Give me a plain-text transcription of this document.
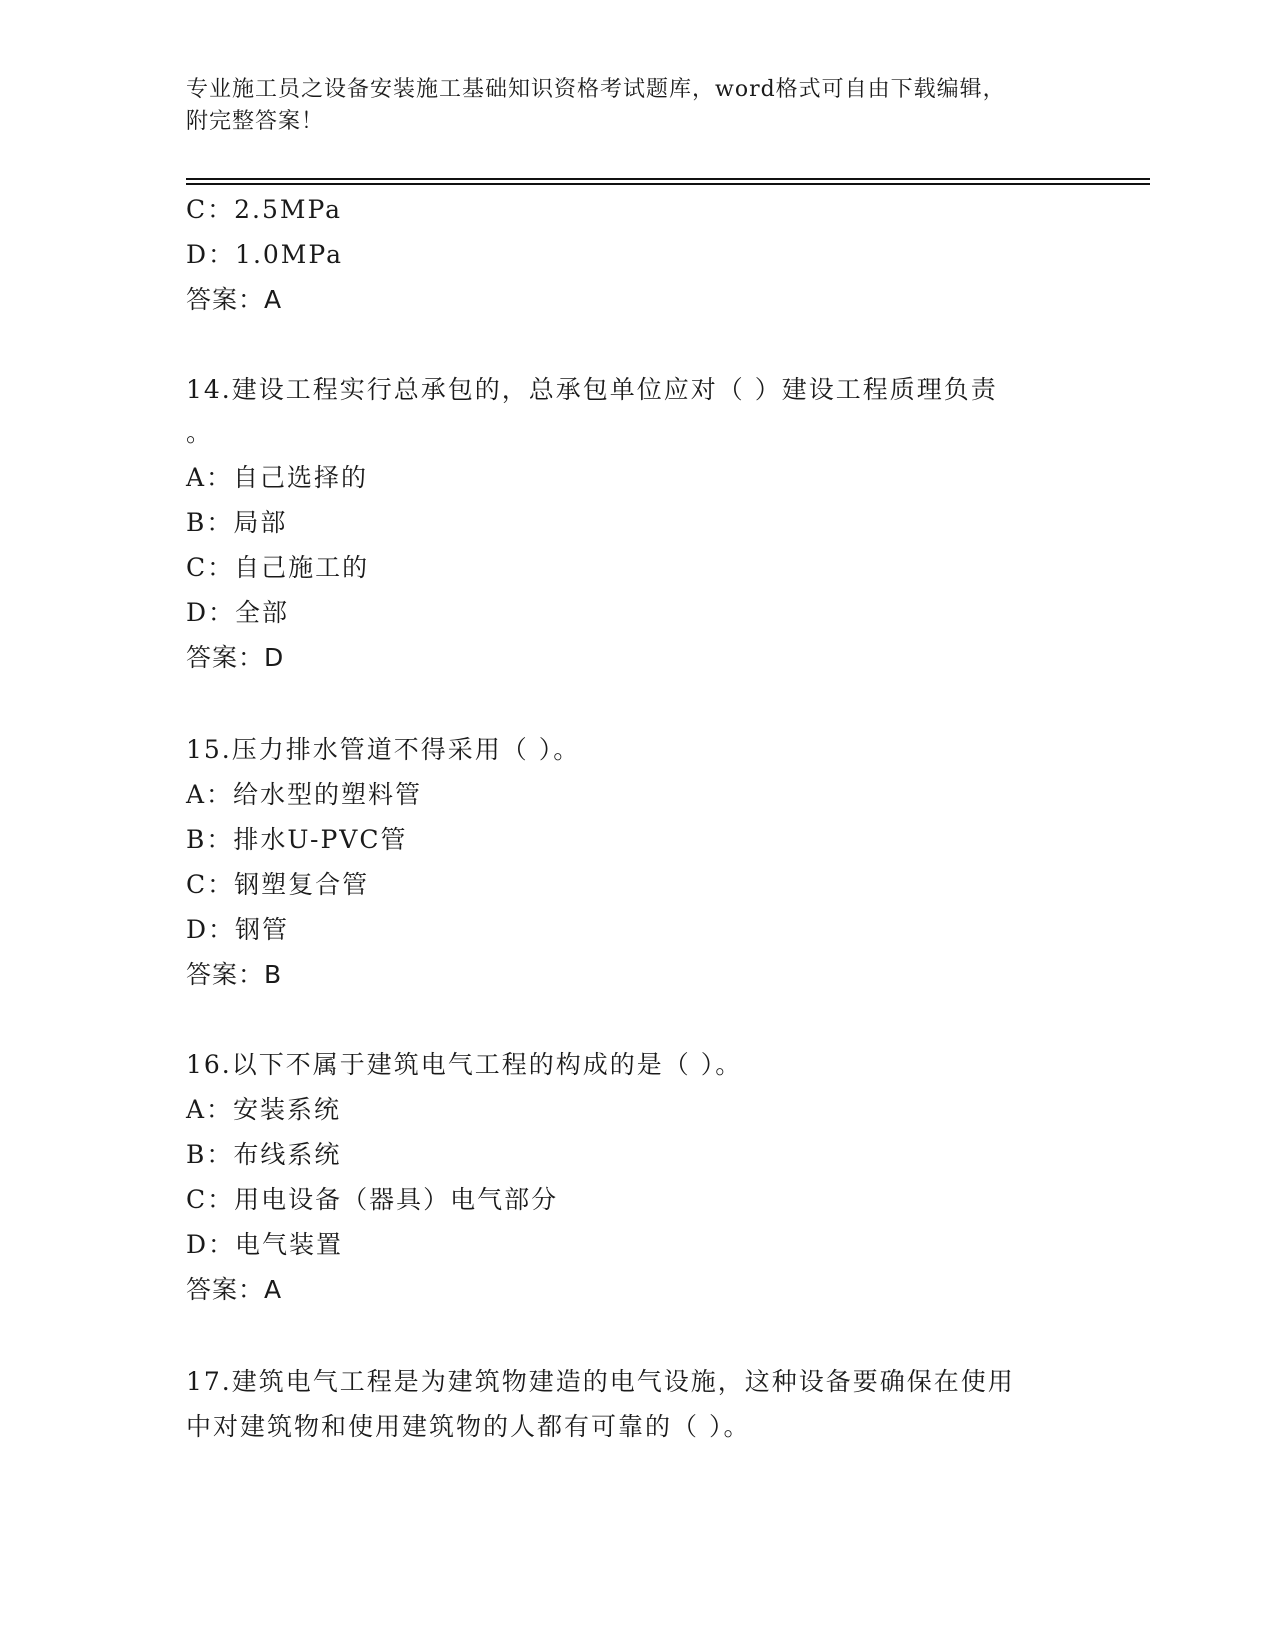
专业施工员之设备安装施工基础知识资格考试题库，word格式可自由下载编辑，
附完整答案！
C：2.5MPa
D：1.0MPa
答案：A
14.建设工程实行总承包的，总承包单位应对（ ）建设工程质理负责
。
A：自己选择的
B：局部
C：自己施工的
D：全部
答案：D
15.压力排水管道不得采用（ ）。
A：给水型的塑料管
B：排水U-PVC管
C：钢塑复合管
D：钢管
答案：B
16.以下不属于建筑电气工程的构成的是（ ）。
A：安装系统
B：布线系统
C：用电设备（器具）电气部分
D：电气装置
答案：A
17.建筑电气工程是为建筑物建造的电气设施，这种设备要确保在使用
中对建筑物和使用建筑物的人都有可靠的（ ）。
